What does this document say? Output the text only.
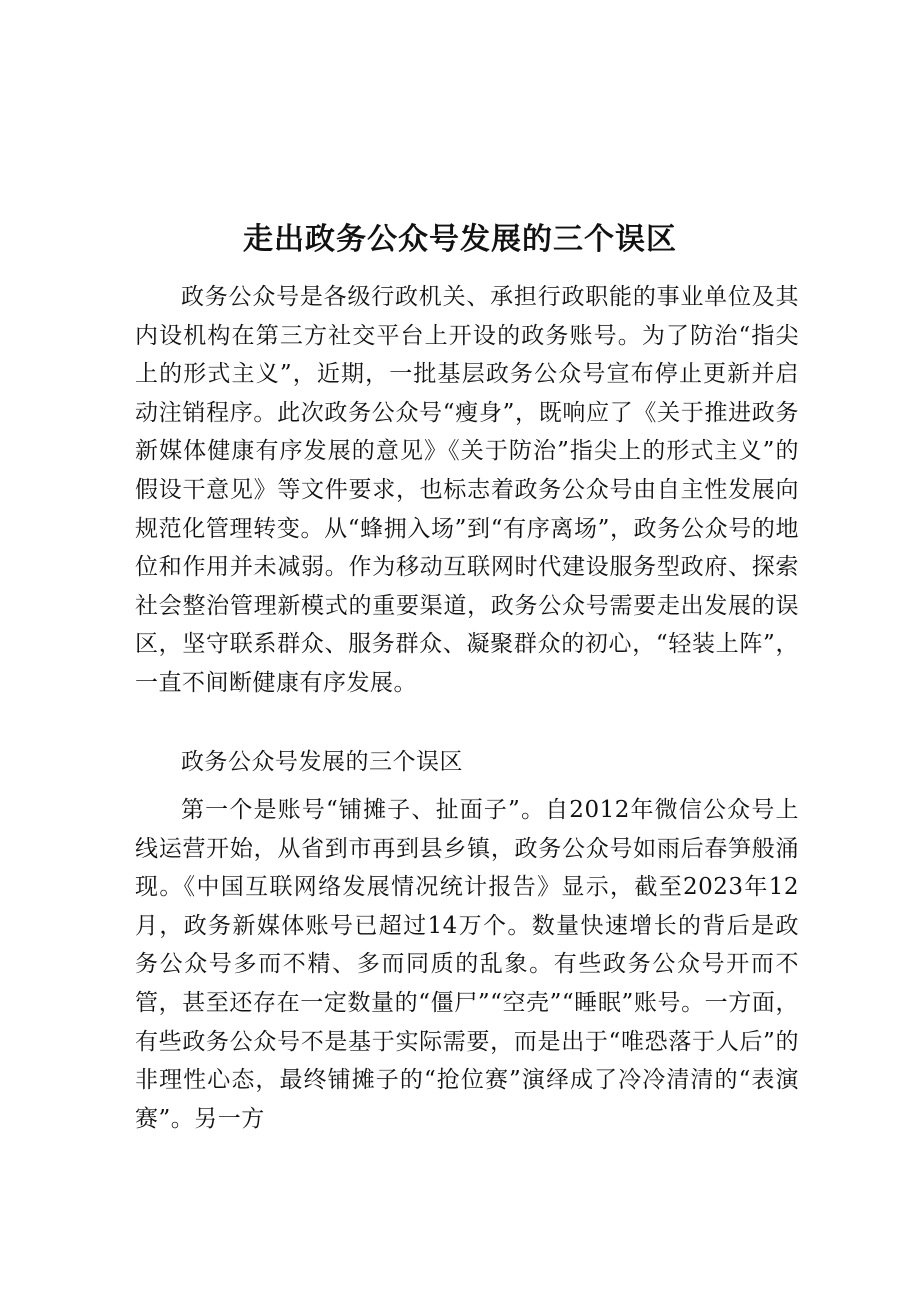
走出政务公众号发展的三个误区

政务公众号是各级行政机关、承担行政职能的事业单位及其内设机构在第三方社交平台上开设的政务账号。为了防治“指尖上的形式主义”，近期，一批基层政务公众号宣布停止更新并启动注销程序。此次政务公众号“瘦身”，既响应了《关于推进政务新媒体健康有序发展的意见》《关于防治”指尖上的形式主义”的假设干意见》等文件要求，也标志着政务公众号由自主性发展向规范化管理转变。从“蜂拥入场”到“有序离场”，政务公众号的地位和作用并未减弱。作为移动互联网时代建设服务型政府、探索社会整治管理新模式的重要渠道，政务公众号需要走出发展的误区，坚守联系群众、服务群众、凝聚群众的初心，“轻装上阵”，一直不间断健康有序发展。

政务公众号发展的三个误区

第一个是账号“铺摊子、扯面子”。自2012年微信公众号上线运营开始，从省到市再到县乡镇，政务公众号如雨后春笋般涌现。《中国互联网络发展情况统计报告》显示，截至2023年12月，政务新媒体账号已超过14万个。数量快速增长的背后是政务公众号多而不精、多而同质的乱象。有些政务公众号开而不管，甚至还存在一定数量的“僵尸”“空壳”“睡眠”账号。一方面，有些政务公众号不是基于实际需要，而是出于“唯恐落于人后”的非理性心态，最终铺摊子的“抢位赛”演绎成了冷冷清清的“表演赛”。另一方
